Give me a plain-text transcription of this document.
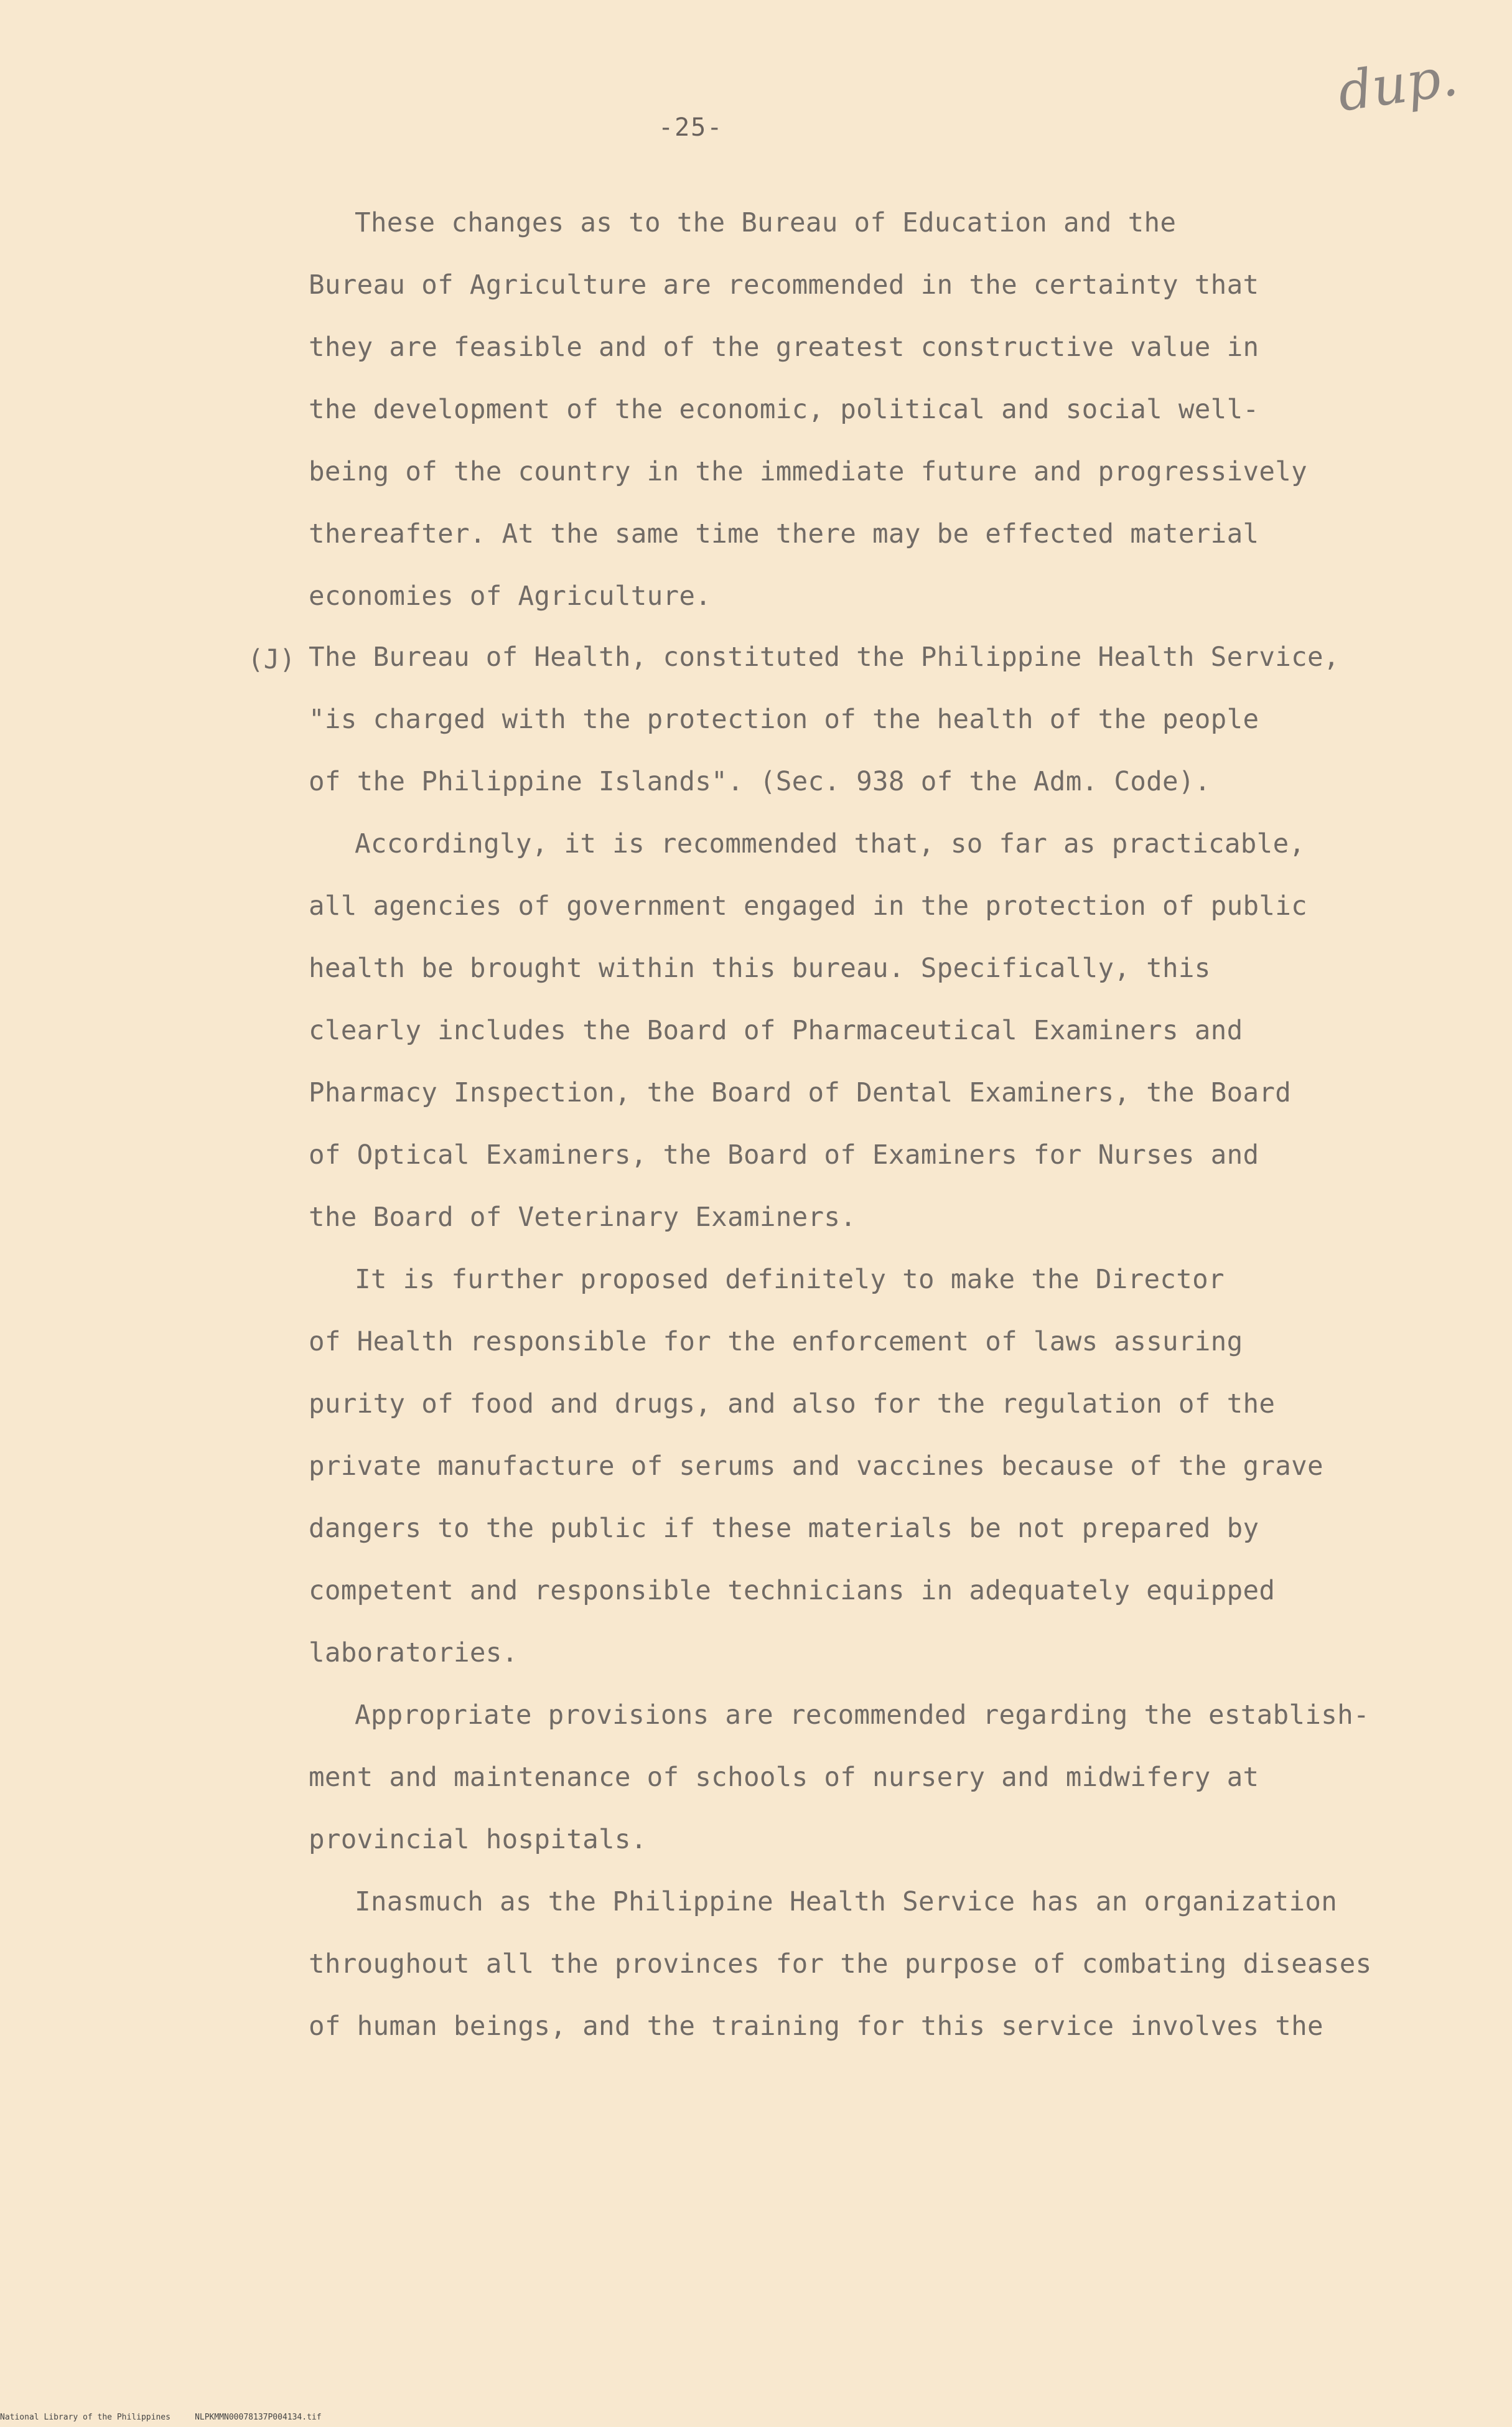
-25-
dup.
These changes as to the Bureau of Education and the
Bureau of Agriculture are recommended in the certainty that
they are feasible and of the greatest constructive value in
the development of the economic, political and social well-
being of the country in the immediate future and progressively
thereafter. At the same time there may be effected material
economies of Agriculture.
(J) The Bureau of Health, constituted the Philippine Health Service,
"is charged with the protection of the health of the people
of the Philippine Islands". (Sec. 938 of the Adm. Code).
Accordingly, it is recommended that, so far as practicable,
all agencies of government engaged in the protection of public
health be brought within this bureau. Specifically, this
clearly includes the Board of Pharmaceutical Examiners and
Pharmacy Inspection, the Board of Dental Examiners, the Board
of Optical Examiners, the Board of Examiners for Nurses and
the Board of Veterinary Examiners.
It is further proposed definitely to make the Director
of Health responsible for the enforcement of laws assuring
purity of food and drugs, and also for the regulation of the
private manufacture of serums and vaccines because of the grave
dangers to the public if these materials be not prepared by
competent and responsible technicians in adequately equipped
laboratories.
Appropriate provisions are recommended regarding the establish-
ment and maintenance of schools of nursery and midwifery at
provincial hospitals.
Inasmuch as the Philippine Health Service has an organization
throughout all the provinces for the purpose of combating diseases
of human beings, and the training for this service involves the
National Library of the Philippines     NLPKMMN00078137P004134.tif
